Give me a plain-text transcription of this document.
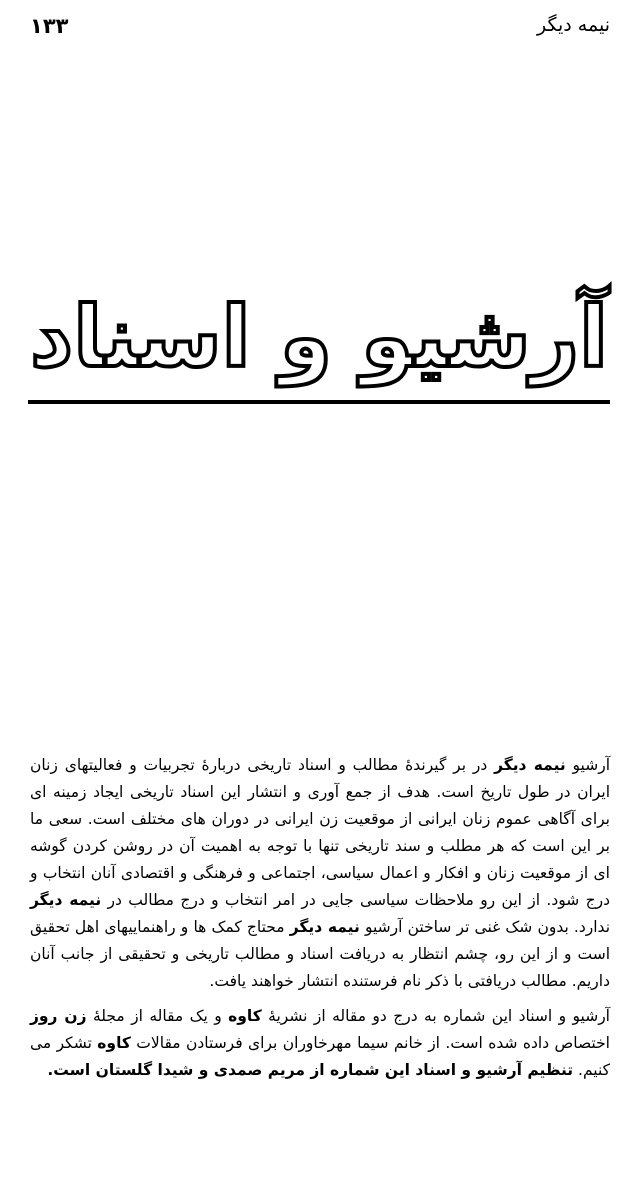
۱۳۳	نیمه دیگر
آرشیو و اسناد

آرشیو نیمه دیگر در بر گیرندهٔ مطالب و اسناد تاریخی دربارهٔ تجربیات و فعالیتهای زنان ایران در طول تاریخ است. هدف از جمع آوری و انتشار این اسناد تاریخی ایجاد زمینه ای برای آگاهی عموم زنان ایرانی از موقعیت زن ایرانی در دوران های مختلف است. سعی ما بر این است که هر مطلب و سند تاریخی تنها با توجه به اهمیت آن در روشن کردن گوشه ای از موقعیت زنان و افکار و اعمال سیاسی، اجتماعی و فرهنگی و اقتصادی آنان انتخاب و درج شود. از این رو ملاحظات سیاسی جایی در امر انتخاب و درج مطالب در نیمه دیگر ندارد. بدون شک غنی تر ساختن آرشیو نیمه دیگر محتاج کمک ها و راهنماییهای اهل تحقیق است و از این رو، چشم انتظار به دریافت اسناد و مطالب تاریخی و تحقیقی از جانب آنان داریم. مطالب دریافتی با ذکر نام فرستنده انتشار خواهند یافت.

آرشیو و اسناد این شماره به درج دو مقاله از نشریهٔ کاوه و یک مقاله از مجلهٔ زن روز اختصاص داده شده است. از خانم سیما مهرخاوران برای فرستادن مقالات کاوه تشکر می کنیم. تنظیم آرشیو و اسناد این شماره از مریم صمدی و شیدا گلستان است.
